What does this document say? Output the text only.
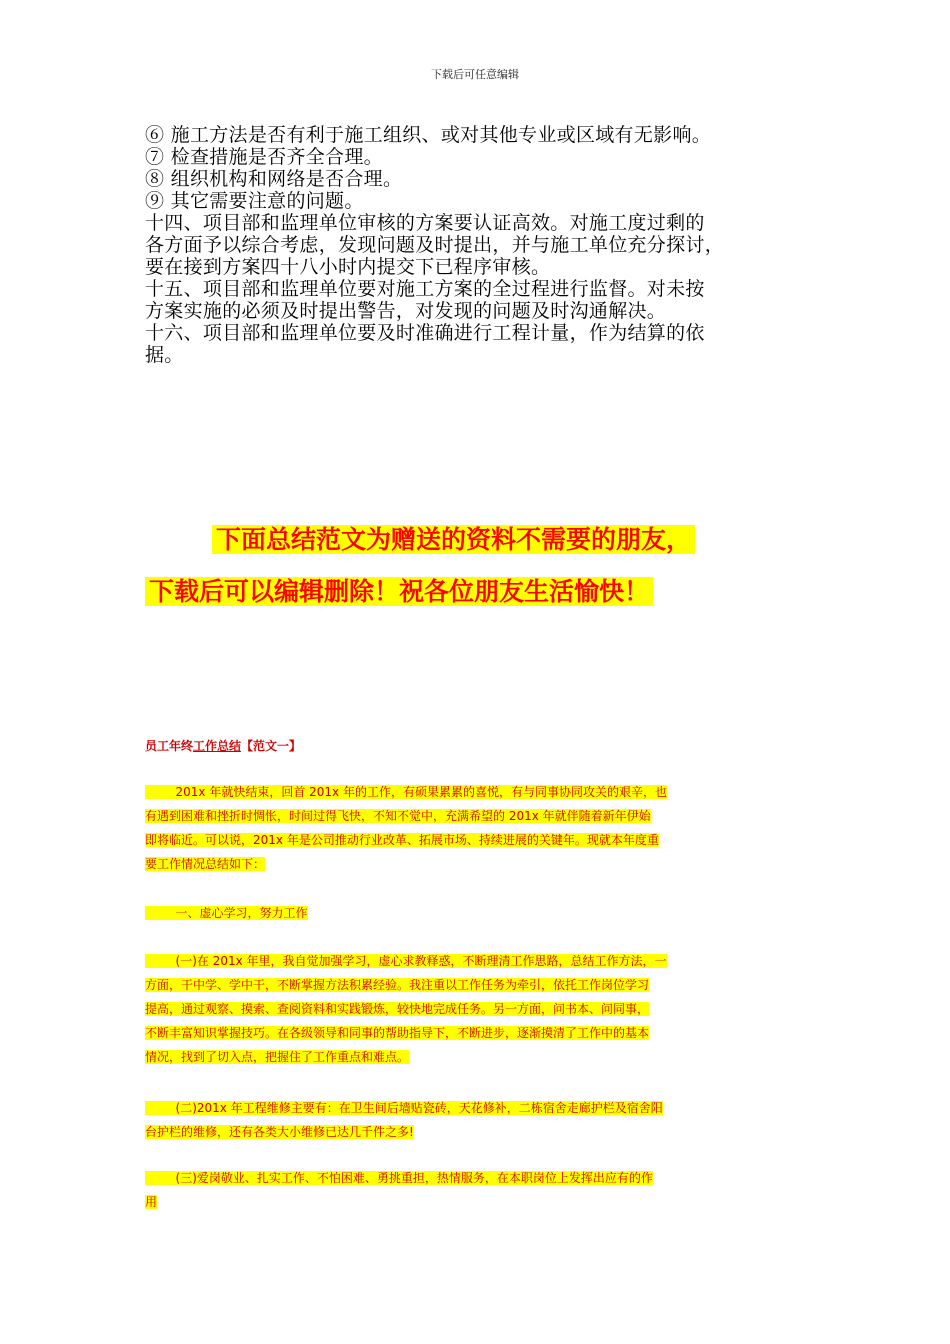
下载后可任意编辑

⑥ 施工方法是否有利于施工组织、或对其他专业或区域有无影响。

⑦ 检查措施是否齐全合理。

⑧ 组织机构和网络是否合理。

⑨ 其它需要注意的问题。

十四、项目部和监理单位审核的方案要认证高效。对施工度过剩的

各方面予以综合考虑，发现问题及时提出，并与施工单位充分探讨，

要在接到方案四十八小时内提交下已程序审核。

十五、项目部和监理单位要对施工方案的全过程进行监督。对未按

方案实施的必须及时提出警告，对发现的问题及时沟通解决。

十六、项目部和监理单位要及时准确进行工程计量，作为结算的依

据。

下面总结范文为赠送的资料不需要的朋友，
下载后可以编辑删除！祝各位朋友生活愉快！
员工年终工作总结【范文一】

201x 年就快结束，回首 201x 年的工作，有硕果累累的喜悦，有与同事协同攻关的艰辛，也

有遇到困难和挫折时惆怅，时间过得飞快，不知不觉中，充满希望的 201x 年就伴随着新年伊始

即将临近。可以说，201x 年是公司推动行业改革、拓展市场、持续进展的关键年。现就本年度重

要工作情况总结如下：

一、虚心学习，努力工作

(一)在 201x 年里，我自觉加强学习，虚心求教释惑，不断理清工作思路，总结工作方法，一

方面，干中学、学中干，不断掌握方法积累经验。我注重以工作任务为牵引，依托工作岗位学习

提高，通过观察、摸索、查阅资料和实践锻炼，较快地完成任务。另一方面，问书本、问同事，

不断丰富知识掌握技巧。在各级领导和同事的帮助指导下，不断进步，逐渐摸清了工作中的基本

情况，找到了切入点，把握住了工作重点和难点。

(二)201x 年工程维修主要有：在卫生间后墙贴瓷砖，天花修补，二栋宿舍走廊护栏及宿舍阳

台护栏的维修，还有各类大小维修已达几千件之多!

(三)爱岗敬业、扎实工作、不怕困难、勇挑重担，热情服务，在本职岗位上发挥出应有的作

用
